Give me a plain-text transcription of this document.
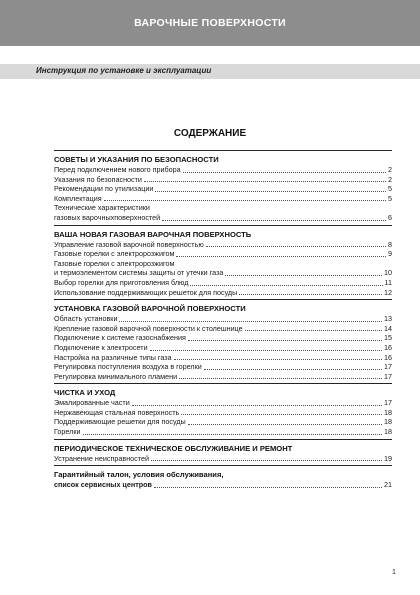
ВАРОЧНЫЕ ПОВЕРХНОСТИ
Инструкция по установке и эксплуатации
СОДЕРЖАНИЕ
СОВЕТЫ И УКАЗАНИЯ ПО БЕЗОПАСНОСТИ
Перед подключением нового прибора	2
Указания по безопасности	2
Рекомендации по утилизации	5
Комплектация	5
Технические характеристики
газовых варочныхповерхностей	6
ВАША НОВАЯ ГАЗОВАЯ ВАРОЧНАЯ ПОВЕРХНОСТЬ
Управление газовой варочной поверхностью	8
Газовые горелки с электророзжигом	9
Газовые горелки с электророзжигом
и термоэлементом системы защиты от утечки газа	10
Выбор горелки для приготовления блюд	11
Использование поддерживающих решеток для посуды	12
УСТАНОВКА ГАЗОВОЙ ВАРОЧНОЙ ПОВЕРХНОСТИ
Область установки	13
Крепление газовой варочной поверхности к столешнице	14
Подключение к системе газоснабжения	15
Подключение к электросети	16
Настройка на различные типы газа	16
Регулировка поступления воздуха в горелки	17
Регулировка минимального пламени	17
ЧИСТКА И УХОД
Эмалированные части	17
Нержавеющая стальная поверхность	18
Поддерживающие решетки для посуды	18
Горелки	18
ПЕРИОДИЧЕСКОЕ ТЕХНИЧЕСКОЕ ОБСЛУЖИВАНИЕ И РЕМОНТ
Устранение неисправностей	19
Гарантийный талон, условия обслуживания,
список сервисных центров	21
1
